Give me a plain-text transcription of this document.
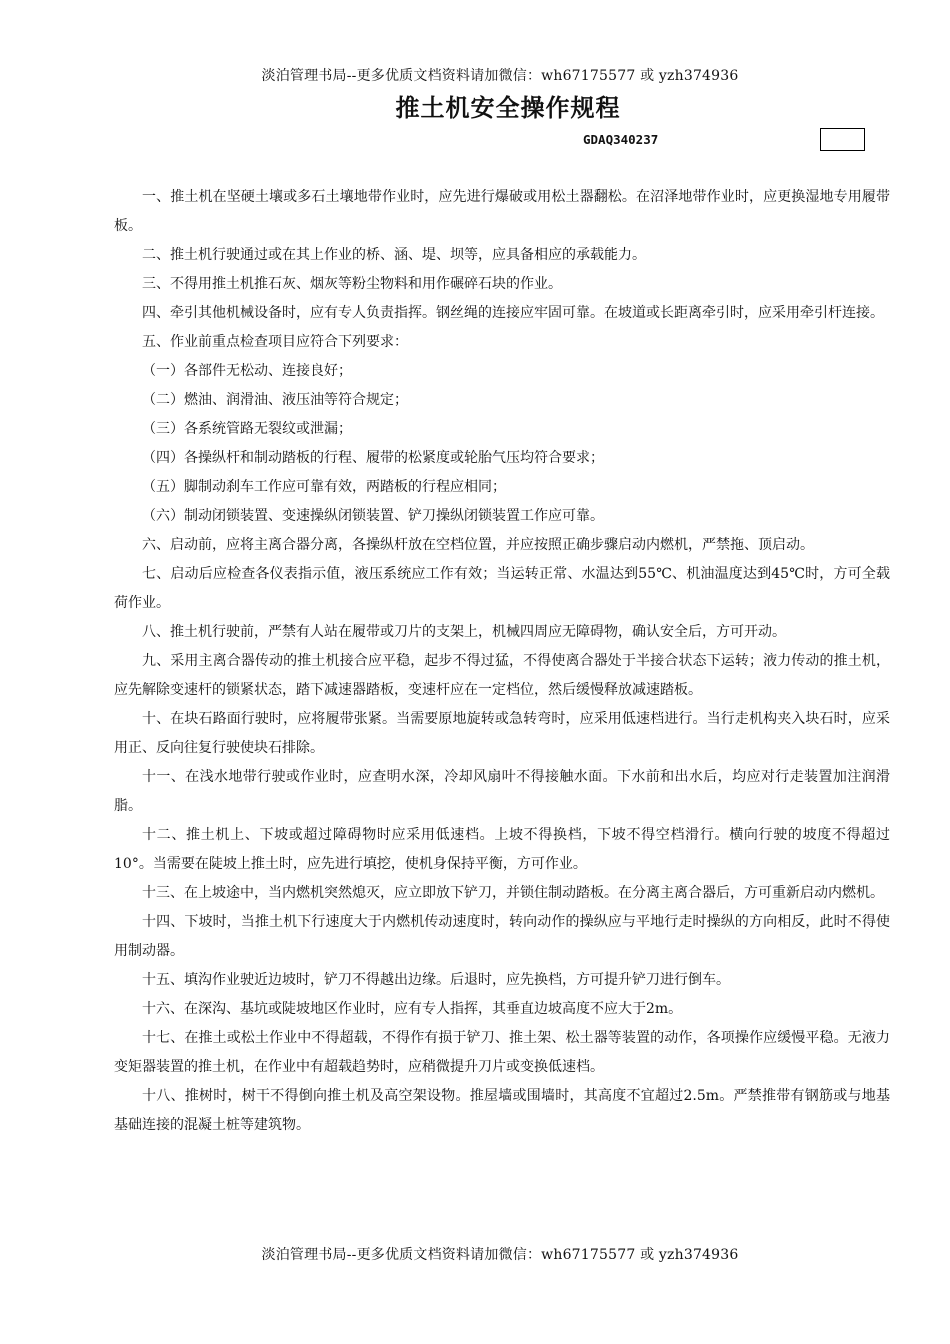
淡泊管理书局--更多优质文档资料请加微信：wh67175577 或 yzh374936
推土机安全操作规程
GDAQ340237

一、推土机在坚硬土壤或多石土壤地带作业时，应先进行爆破或用松土器翻松。在沼泽地带作业时，应更换湿地专用履带板。

二、推土机行驶通过或在其上作业的桥、涵、堤、坝等，应具备相应的承载能力。

三、不得用推土机推石灰、烟灰等粉尘物料和用作碾碎石块的作业。

四、牵引其他机械设备时，应有专人负责指挥。钢丝绳的连接应牢固可靠。在坡道或长距离牵引时，应采用牵引杆连接。

五、作业前重点检查项目应符合下列要求：

（一）各部件无松动、连接良好；

（二）燃油、润滑油、液压油等符合规定；

（三）各系统管路无裂纹或泄漏；

（四）各操纵杆和制动踏板的行程、履带的松紧度或轮胎气压均符合要求；

（五）脚制动刹车工作应可靠有效，两踏板的行程应相同；

（六）制动闭锁装置、变速操纵闭锁装置、铲刀操纵闭锁装置工作应可靠。

六、启动前，应将主离合器分离，各操纵杆放在空档位置，并应按照正确步骤启动内燃机，严禁拖、顶启动。

七、启动后应检查各仪表指示值，液压系统应工作有效；当运转正常、水温达到55℃、机油温度达到45℃时，方可全载荷作业。

八、推土机行驶前，严禁有人站在履带或刀片的支架上，机械四周应无障碍物，确认安全后，方可开动。

九、采用主离合器传动的推土机接合应平稳，起步不得过猛，不得使离合器处于半接合状态下运转；液力传动的推土机，应先解除变速杆的锁紧状态，踏下减速器踏板，变速杆应在一定档位，然后缓慢释放减速踏板。

十、在块石路面行驶时，应将履带张紧。当需要原地旋转或急转弯时，应采用低速档进行。当行走机构夹入块石时，应采用正、反向往复行驶使块石排除。

十一、在浅水地带行驶或作业时，应查明水深，冷却风扇叶不得接触水面。下水前和出水后，均应对行走装置加注润滑脂。

十二、推土机上、下坡或超过障碍物时应采用低速档。上坡不得换档，下坡不得空档滑行。横向行驶的坡度不得超过10°。当需要在陡坡上推土时，应先进行填挖，使机身保持平衡，方可作业。

十三、在上坡途中，当内燃机突然熄灭，应立即放下铲刀，并锁住制动踏板。在分离主离合器后，方可重新启动内燃机。

十四、下坡时，当推土机下行速度大于内燃机传动速度时，转向动作的操纵应与平地行走时操纵的方向相反，此时不得使用制动器。

十五、填沟作业驶近边坡时，铲刀不得越出边缘。后退时，应先换档，方可提升铲刀进行倒车。

十六、在深沟、基坑或陡坡地区作业时，应有专人指挥，其垂直边坡高度不应大于2m。

十七、在推土或松土作业中不得超载，不得作有损于铲刀、推土架、松土器等装置的动作，各项操作应缓慢平稳。无液力变矩器装置的推土机，在作业中有超载趋势时，应稍微提升刀片或变换低速档。

十八、推树时，树干不得倒向推土机及高空架设物。推屋墙或围墙时，其高度不宜超过2.5m。严禁推带有钢筋或与地基基础连接的混凝土桩等建筑物。

淡泊管理书局--更多优质文档资料请加微信：wh67175577 或 yzh374936
